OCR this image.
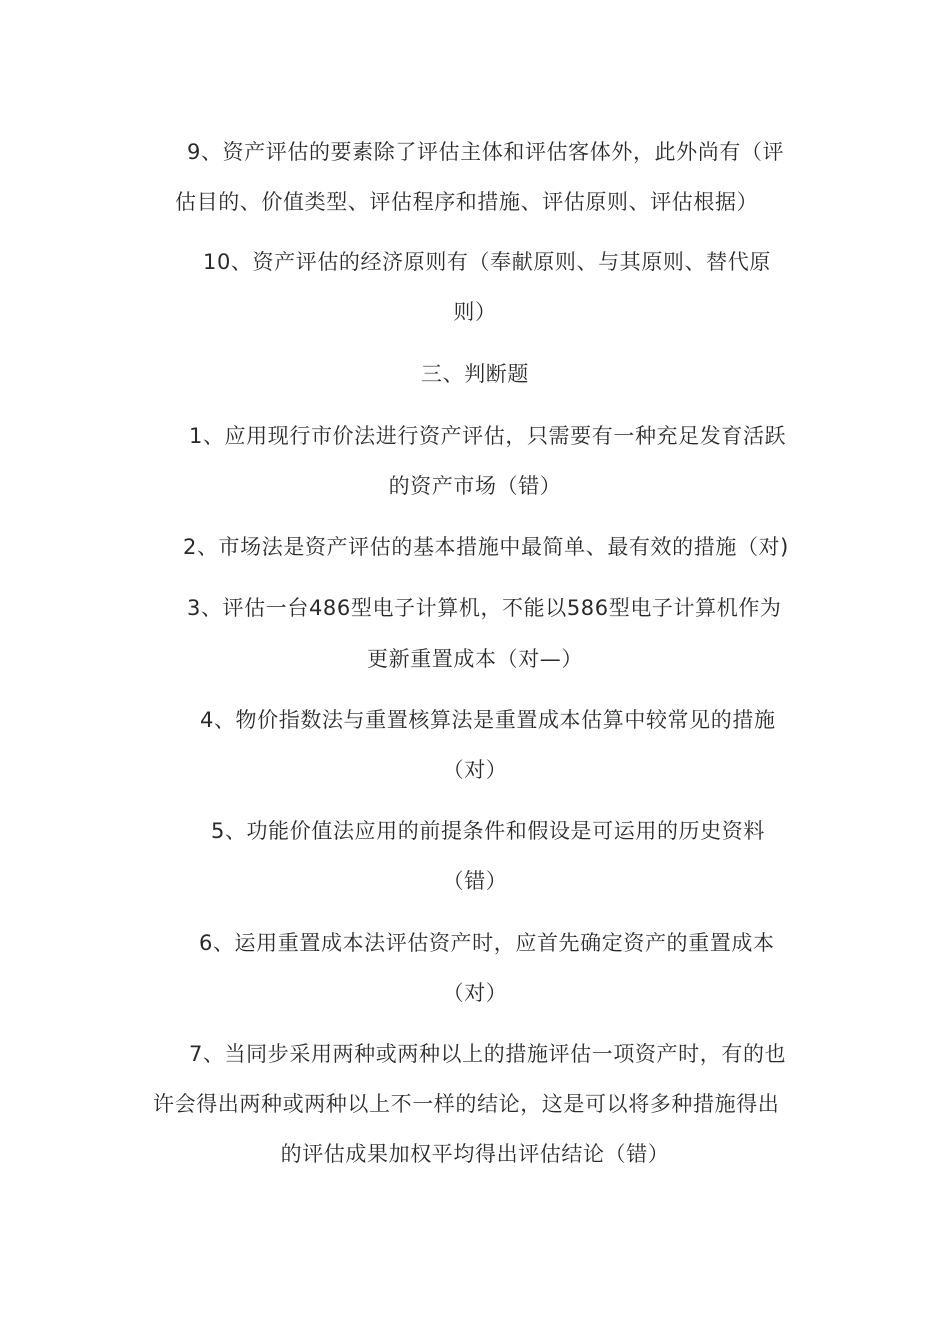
9、资产评估的要素除了评估主体和评估客体外，此外尚有（评
估目的、价值类型、评估程序和措施、评估原则、评估根据）
10、资产评估的经济原则有（奉献原则、与其原则、替代原
则）
三、判断题
1、应用现行市价法进行资产评估，只需要有一种充足发育活跃
的资产市场（错）
2、市场法是资产评估的基本措施中最简单、最有效的措施（对)
3、评估一台486型电子计算机，不能以586型电子计算机作为
更新重置成本（对—）
4、物价指数法与重置核算法是重置成本估算中较常见的措施
（对）
5、功能价值法应用的前提条件和假设是可运用的历史资料
（错）
6、运用重置成本法评估资产时，应首先确定资产的重置成本
（对）
7、当同步采用两种或两种以上的措施评估一项资产时，有的也
许会得出两种或两种以上不一样的结论，这是可以将多种措施得出
的评估成果加权平均得出评估结论（错）
